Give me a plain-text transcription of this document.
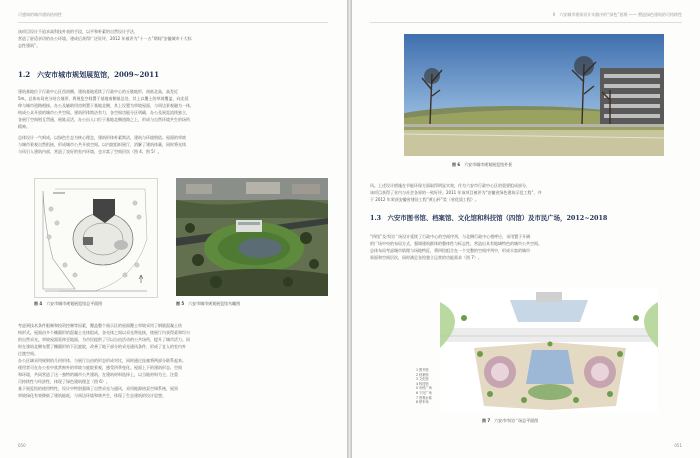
可感知的城市建筑结构性
该项目设计不追求高科技外表的手段，以平和朴素的自然设计手法，
营造了舒适亲切的办公环境。建成后获得广泛好评，2012 年被评为“十一五”期间“安徽城市十大标
志性建筑”。
1.2　六安市城市规划展览馆，2009~2011
建筑基地位于行政中心区西南侧，建筑基地延续了行政中心的丘陵地形，南低北高，高差近
5m。总体布局充分结合地形，将展览空间置于基地南侧低洼处，其上以覆土的草坡覆盖，向北延
伸与城市道路相接。办公及辅助用房则置于基地北侧，其上设置为草坡屋面，与周边景观融为一体，
构成公众开放的城市公共空间。建筑形体简洁有力，各空间功能分区明确，办公及展览流线独立，
各展厅空间相互贯通，展陈灵活，办公出入口位于基地北侧道路之上，形成与自然环境共生的场所
精神。
总体设计一气呵成，以绿色生态为核心理念，建筑形体朴素简洁，建筑与环境相依。屋面的草坡
与城市景观自然衔接，形成城市公共开放空间。以内院组织展厅，消解了建筑体量，同时将光线
与风引入建筑内部，营造了良好的室内环境，也丰富了空间层次（图 4、图 5）。
图 4 六安市城市规划展览馆总平面图	图 5 六安市城市规划展览馆鸟瞰图
考虑到技术条件限制和投资控制等因素，覆盖整个展示区的屋面覆土草坡采用了钢筋混凝土结
构形式。屋面由多个椭圆形的混凝土壳体组成，各壳体之间以采光带连接，使展厅内获得柔和均匀
的自然采光。草坡屋面延伸至地面，为市民提供了可以自由活动的公共场所，提升了城市活力。同
时在建筑北侧布置了椭圆形的下沉庭院，改善了地下部分的采光通风条件，形成了宜人的室内外
过渡空间。
办公区域采用规则的几何形体，与展厅自由的形态形成对比，同时通过连廊将两部分联系起来。
使用者可在办公室中欣赏窗外的草坡与庭院景观，感受四季变化。屋面上下的建筑形态、空间
和环境，共同营造了这一独特的城市公共建筑。在建筑材料选择上，以当地材料为主，注重
可持续性与经济性，体现了绿色建筑理念（图 6）。
基于展览馆的使用特性，设计中特别强调了自然采光与通风，采用地源热泵空调系统，屋顶
草坡绿化有效降低了建筑能耗，与周边环境和谐共生，体现了生态建筑的设计思想。
050
II　六安城市建筑设计实践中的“绿色”思维 —— 塑造绿色建筑的可持续性
图 6 六安市城市规划展览馆外景
风。上述设计措施在节能环保方面取得明显实效，作为六安市行政中心区的重要组成部分，
该项目获得了业内与社会各界的一致好评。2011 年该项目被评为“安徽省绿色建筑示范工程”，并
于 2012 年荣获安徽省建设工程“黄山杯”奖（省优质工程）。
1.3　六安市图书馆、档案馆、文化馆和科技馆（四馆）及市民广场，2012~2018
“四馆”及市民广场设计延续了行政中心的空间序列，与北侧行政中心相呼应，采用置于开阔
的广场中央的布局方式，强调建筑群体的整体性与标志性，营造出具有地域特色的城市公共空间。
总体布局考虑城市肌理与场地特征，将四馆组合在一个完整的空间序列中，形成丰富的城市
界面和空间层次，同时满足各馆独立运营的功能需求（图 7）。
1 图书馆
2 档案馆
3 文化馆
4 科技馆
5 市民广场
6 下沉广场
7 景观水系
8 停车场
图 7 六安市市民广场总平面图
051
